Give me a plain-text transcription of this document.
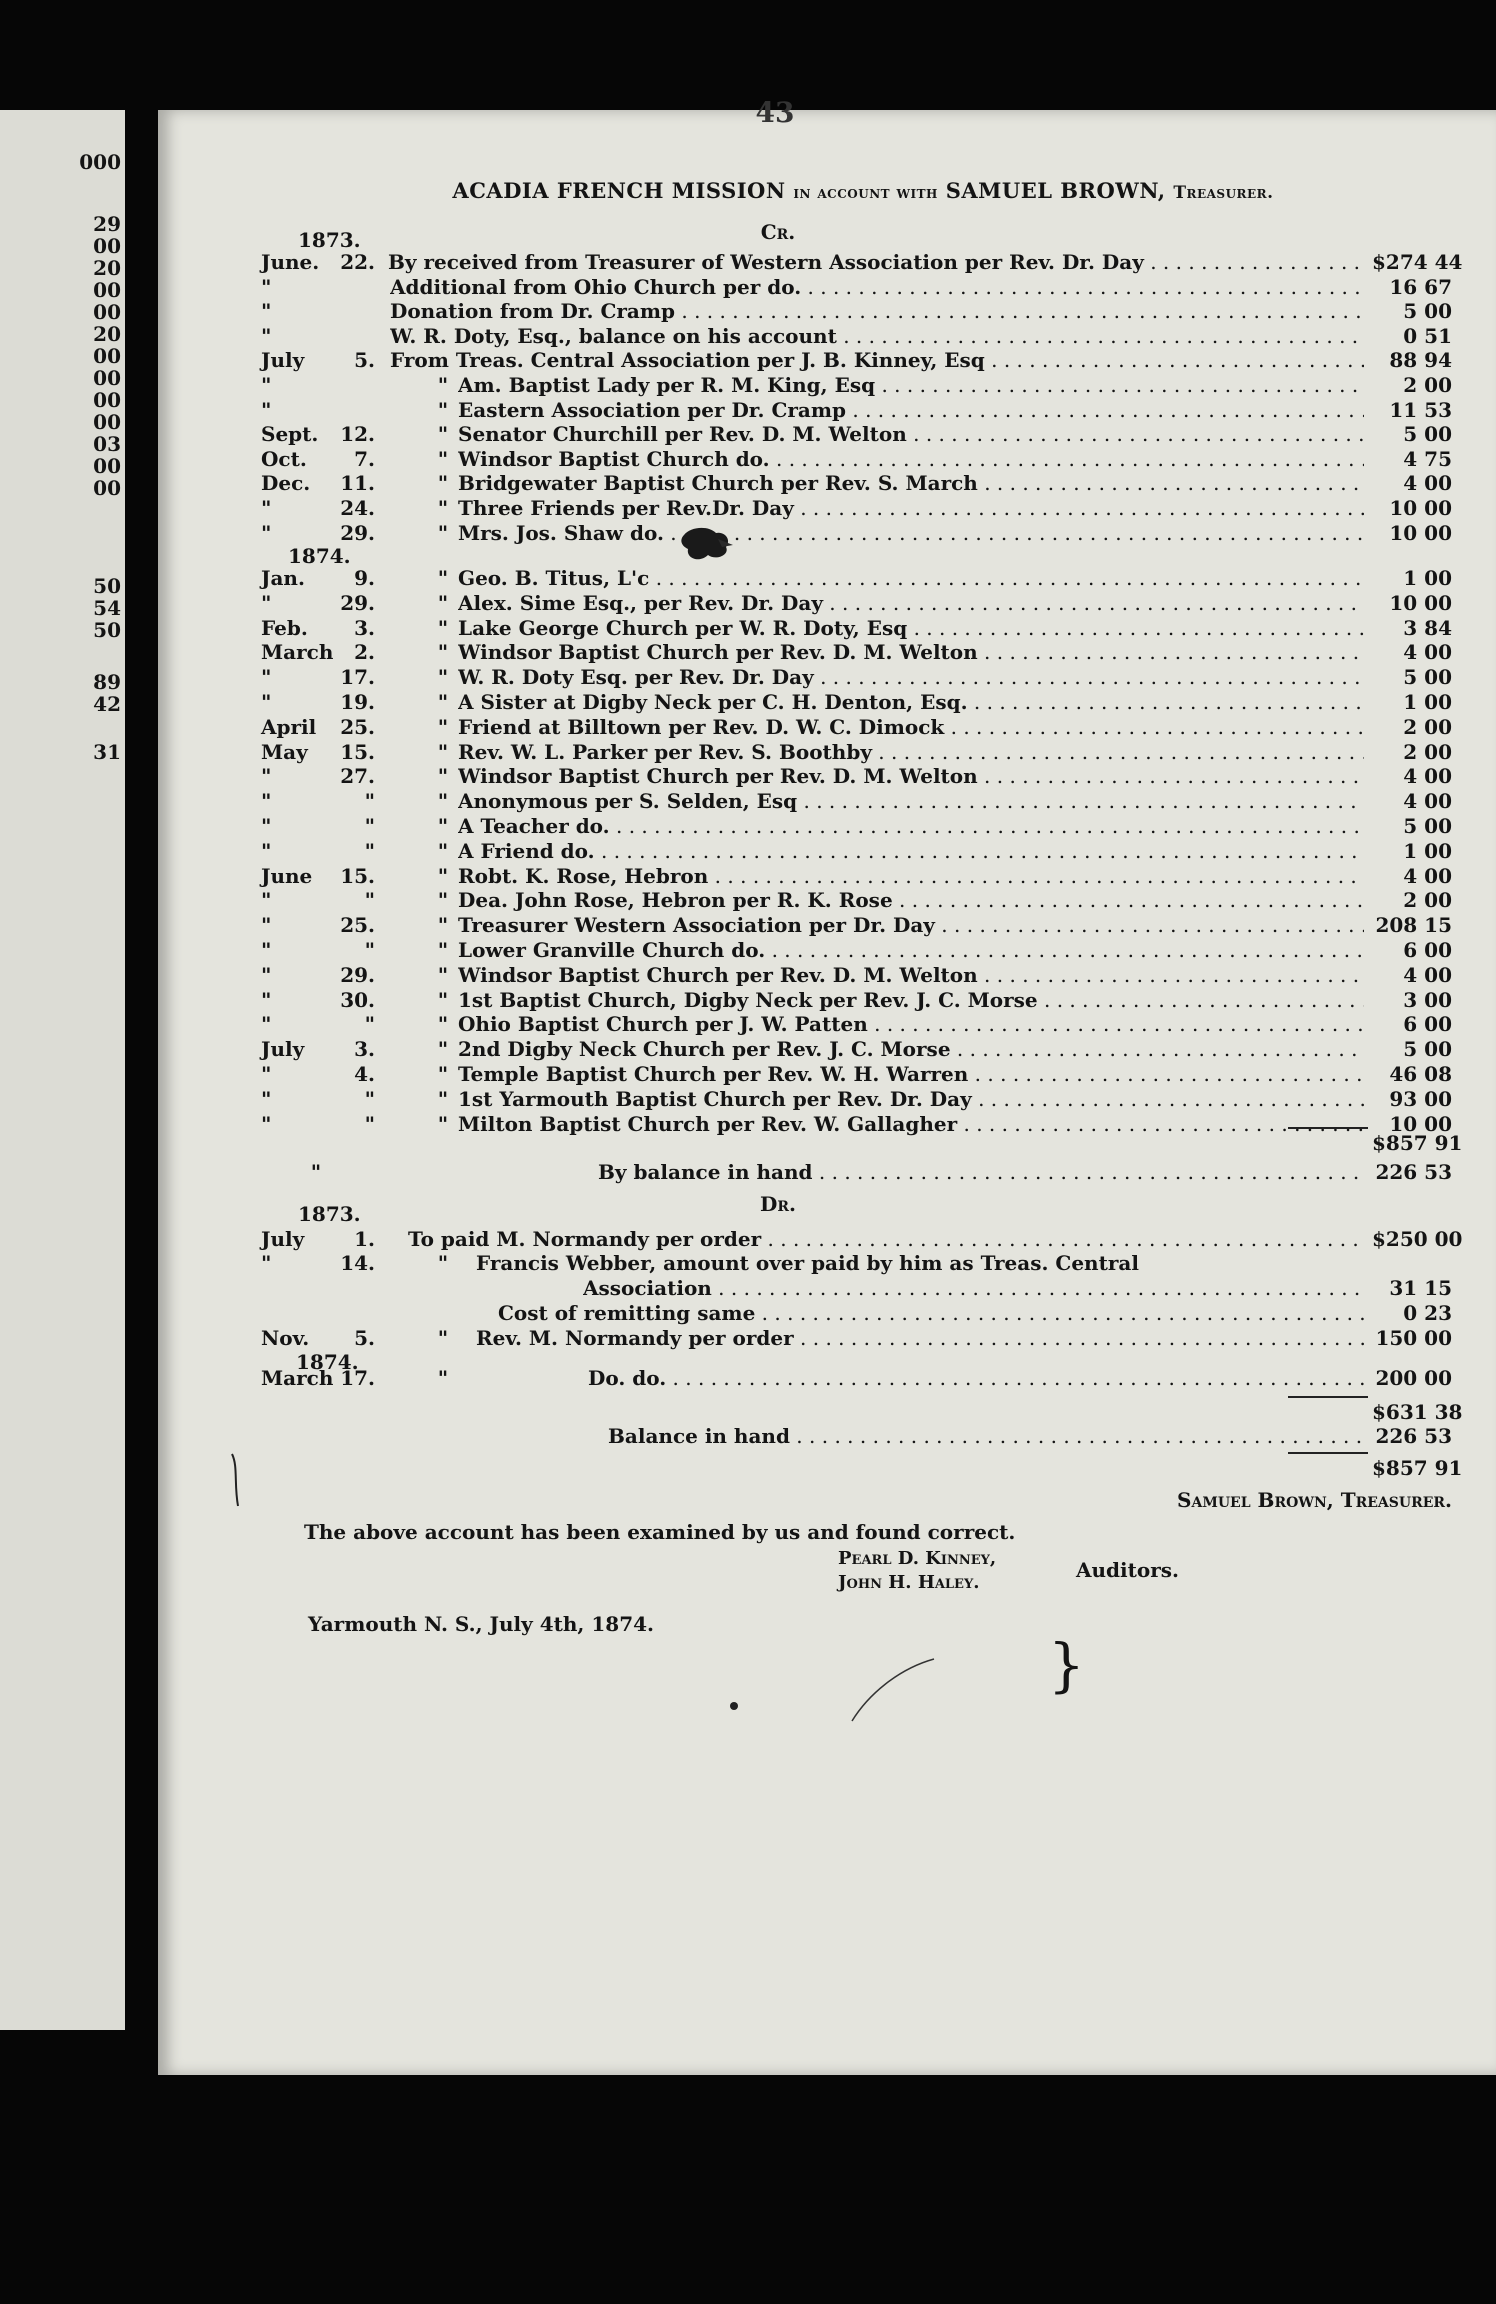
000
29
00
20
00
00
20
00
00
00
00
03
00
00
50
54
50
89
42
31
43
ACADIA FRENCH MISSION in account with SAMUEL BROWN, Treasurer.
Cr.
1873.
June. 22. By received from Treasurer of Western Association per Rev. Dr. Day . . .	$274 44
"	Additional from Ohio Church per do. . . .	16 67
"	Donation from Dr. Cramp . . .	5 00
"	W. R. Doty, Esq., balance on his account . . .	0 51
July 5. From Treas. Central Association per J. B. Kinney, Esq . . .	88 94
"	" Am. Baptist Lady per R. M. King, Esq . . .	2 00
"	" Eastern Association per Dr. Cramp . . .	11 53
Sept. 12.	" Senator Churchill per Rev. D. M. Welton . . .	5 00
Oct. 7.	" Windsor Baptist Church do. . . .	4 75
Dec. 11.	" Bridgewater Baptist Church per Rev. S. March . . .	4 00
"	24.	" Three Friends per Rev.Dr. Day . . .	10 00
"	29.	" Mrs. Jos. Shaw do. . . .	10 00
Jan. 9.	" Geo. B. Titus, L'c . . .	1 00
"	29.	" Alex. Sime Esq., per Rev. Dr. Day . . .	10 00
Feb. 3.	" Lake George Church per W. R. Doty, Esq . . .	3 84
March 2.	" Windsor Baptist Church per Rev. D. M. Welton . . .	4 00
"	17.	" W. R. Doty Esq. per Rev. Dr. Day . . .	5 00
"	19.	" A Sister at Digby Neck per C. H. Denton, Esq. . . .	1 00
April 25.	" Friend at Billtown per Rev. D. W. C. Dimock . . .	2 00
May 15.	" Rev. W. L. Parker per Rev. S. Boothby . . .	2 00
"	27.	" Windsor Baptist Church per Rev. D. M. Welton . . .	4 00
"	"	" Anonymous per S. Selden, Esq . . .	4 00
"	"	" A Teacher do. . . .	5 00
"	"	" A Friend do. . . .	1 00
June 15.	" Robt. K. Rose, Hebron . . .	4 00
"	"	" Dea. John Rose, Hebron per R. K. Rose . . .	2 00
"	25.	" Treasurer Western Association per Dr. Day . . .	208 15
"	"	" Lower Granville Church do. . . .	6 00
"	29.	" Windsor Baptist Church per Rev. D. M. Welton . . .	4 00
"	30.	" 1st Baptist Church, Digby Neck per Rev. J. C. Morse . . .	3 00
"	"	" Ohio Baptist Church per J. W. Patten . . .	6 00
July 3.	" 2nd Digby Neck Church per Rev. J. C. Morse . . .	5 00
"	4.	" Temple Baptist Church per Rev. W. H. Warren . . .	46 08
"	"	" 1st Yarmouth Baptist Church per Rev. Dr. Day . . .	93 00
"	"	" Milton Baptist Church per Rev. W. Gallagher . . .	10 00
1874.
$857 91
"	By balance in hand . . .	226 53
Dr.
1873.
July 1.	To paid M. Normandy per order . . .	$250 00
"	14.	"	Francis Webber, amount over paid by him as Treas. Central
Association . . .	31 15
Cost of remitting same . . .	0 23
Nov. 5.	"	Rev. M. Normandy per order . . .	150 00
March 17.	"	Do. do. . . .	200 00
1874.
$631 38
Balance in hand . . .	226 53
$857 91
Samuel Brown, Treasurer.
The above account has been examined by us and found correct.
Pearl D. Kinney,
John H. Haley.
}
Auditors.
Yarmouth N. S., July 4th, 1874.
